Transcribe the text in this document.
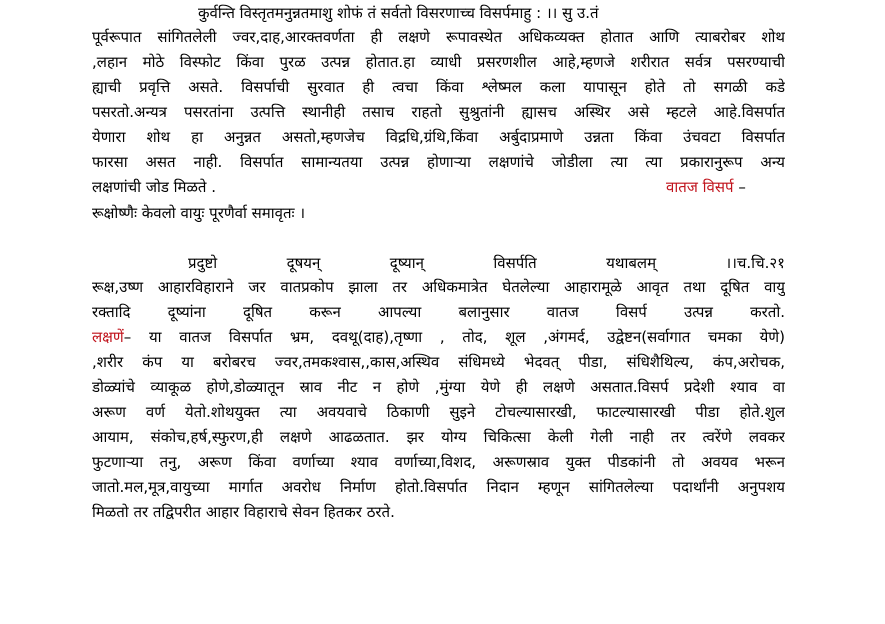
कुर्वन्ति विस्तृतमनुन्नतमाशु शोफं तं सर्वतो विसरणाच्च विसर्पमाहु : ।। सु उ.तं
पूर्वरूपात सांगितलेली ज्वर,दाह,आरक्तवर्णता ही लक्षणे रूपावस्थेत अधिकव्यक्त होतात आणि त्याबरोबर शोथ
,लहान मोठे विस्फोट किंवा पुरळ उत्पन्न होतात.हा व्याधी प्रसरणशील आहे,म्हणजे शरीरात सर्वत्र पसरण्याची
ह्याची प्रवृत्ति असते. विसर्पाची सुरवात ही त्वचा किंवा श्लेष्मल कला यापासून होते तो सगळी कडे
पसरतो.अन्यत्र पसरतांना उत्पत्ति स्थानीही तसाच राहतो सुश्रुतांनी ह्यासच अस्थिर असे म्हटले आहे.विसर्पात
येणारा शोथ हा अनुन्नत असतो,म्हणजेच विद्रधि,ग्रंथि,किंवा अर्बुदाप्रमाणे उन्नता किंवा उंचवटा विसर्पात
फारसा असत नाही. विसर्पात सामान्यतया उत्पन्न होणाऱ्या लक्षणांचे जोडीला त्या त्या प्रकारानुरूप अन्य
लक्षणांची जोड मिळते .	वातज विसर्प –
रूक्षोष्णैः केवलो वायुः पूरणैर्वा समावृतः ।
प्रदुष्टो	दूषयन्	दूष्यान्	विसर्पति	यथाबलम्	।।च.चि.२१
रूक्ष,उष्ण आहारविहाराने जर वातप्रकोप झाला तर अधिकमात्रेत घेतलेल्या आहारामूळे आवृत तथा दूषित वायु
रक्तादि दूष्यांना दूषित करून आपल्या बलानुसार वातज विसर्प उत्पन्न करतो.
लक्षणें– या वातज विसर्पात भ्रम, दवथू(दाह),तृष्णा , तोद, शूल ,अंगमर्द, उद्वेष्टन(सर्वागात चमका येणे)
,शरीर कंप या बरोबरच ज्वर,तमकश्वास,,कास,अस्थिव संधिमध्ये भेदवत् पीडा, संधिशैथिल्य, कंप,अरोचक,
डोळ्यांचे व्याकूळ होणे,डोळ्यातून स्राव नीट न होणे ,मुंग्या येणे ही लक्षणे असतात.विसर्प प्रदेशी श्याव वा
अरूण वर्ण येतो.शोथयुक्त त्या अवयवाचे ठिकाणी सुइने टोचल्यासारखी, फाटल्यासारखी पीडा होते.शुल
आयाम, संकोच,हर्ष,स्फुरण,ही लक्षणे आढळतात. झर योग्य चिकित्सा केली गेली नाही तर त्वरेंणे लवकर
फुटणाऱ्या तनु, अरूण किंवा वर्णाच्या श्याव वर्णाच्या,विशद, अरूणस्राव युक्त पीडकांनी तो अवयव भरून
जातो.मल,मूत्र,वायुच्या मार्गात अवरोध निर्माण होतो.विसर्पात निदान म्हणून सांगितलेल्या पदार्थांनी अनुपशय
मिळतो तर तद्विपरीत आहार विहाराचे सेवन हितकर ठरते.
